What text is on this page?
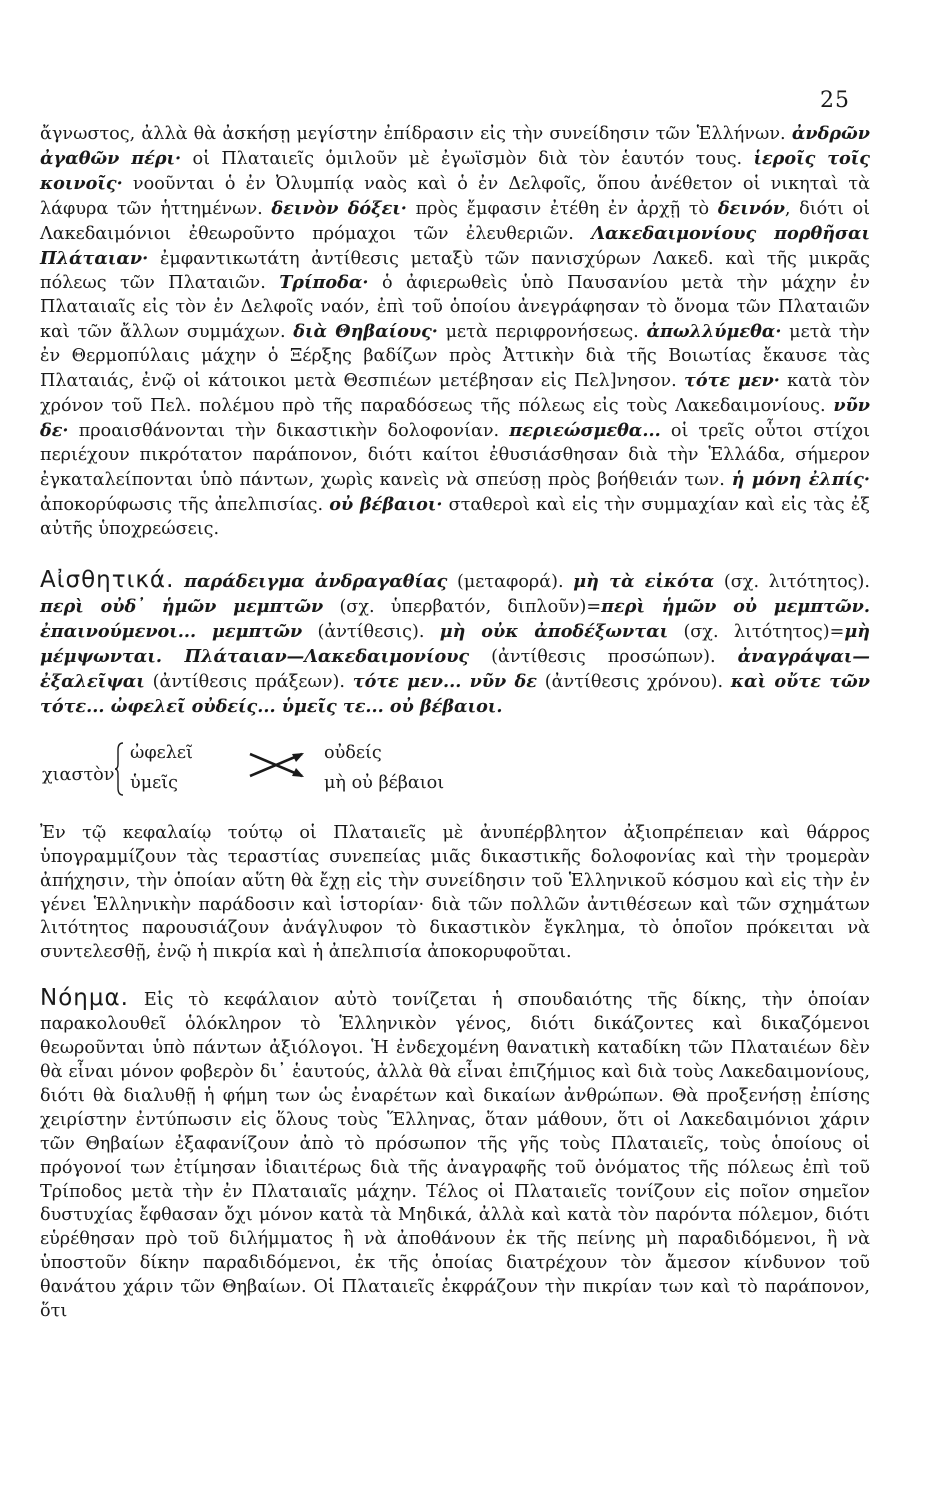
25

ἄγνωστος, ἀλλὰ θὰ ἀσκήσῃ μεγίστην ἐπίδρασιν εἰς τὴν συνείδησιν τῶν Ἑλλήνων. ἀνδρῶν ἀγαθῶν πέρι· οἱ Πλαταιεῖς ὁμιλοῦν μὲ ἐγωϊσμὸν διὰ τὸν ἑαυτόν τους. ἱεροῖς τοῖς κοινοῖς· νοοῦνται ὁ ἐν Ὀλυμπίᾳ ναὸς καὶ ὁ ἐν Δελφοῖς, ὅπου ἀνέθετον οἱ νικηταὶ τὰ λάφυρα τῶν ἡττημένων. δεινὸν δόξει· πρὸς ἔμφασιν ἐτέθη ἐν ἀρχῇ τὸ δεινόν, διότι οἱ Λακεδαιμόνιοι ἐθεωροῦντο πρόμαχοι τῶν ἐλευθεριῶν. Λακεδαιμονίους πορθῆσαι Πλάταιαν· ἐμφαντικωτάτη ἀντίθεσις μεταξὺ τῶν πανισχύρων Λακεδ. καὶ τῆς μικρᾶς πόλεως τῶν Πλαταιῶν. Τρίποδα· ὁ ἀφιερωθεὶς ὑπὸ Παυσανίου μετὰ τὴν μάχην ἐν Πλαταιαῖς εἰς τὸν ἐν Δελφοῖς ναόν, ἐπὶ τοῦ ὁποίου ἀνεγράφησαν τὸ ὄνομα τῶν Πλαταιῶν καὶ τῶν ἄλλων συμμάχων. διὰ Θηβαίους· μετὰ περιφρονήσεως. ἀπωλλύμεθα· μετὰ τὴν ἐν Θερμοπύλαις μάχην ὁ Ξέρξης βαδίζων πρὸς Ἀττικὴν διὰ τῆς Βοιωτίας ἔκαυσε τὰς Πλαταιάς, ἐνῷ οἱ κάτοικοι μετὰ Θεσπιέων μετέβησαν εἰς Πελ]νησον. τότε μεν· κατὰ τὸν χρόνον τοῦ Πελ. πολέμου πρὸ τῆς παραδόσεως τῆς πόλεως εἰς τοὺς Λακεδαιμονίους. νῦν δε· προαισθάνονται τὴν δικαστικὴν δολοφονίαν. περιεώσμεθα... οἱ τρεῖς οὗτοι στίχοι περιέχουν πικρότατον παράπονον, διότι καίτοι ἐθυσιάσθησαν διὰ τὴν Ἑλλάδα, σήμερον ἐγκαταλείπονται ὑπὸ πάντων, χωρὶς κανεὶς νὰ σπεύσῃ πρὸς βοήθειάν των. ἡ μόνη ἐλπίς· ἀποκορύφωσις τῆς ἀπελπισίας. οὐ βέβαιοι· σταθεροὶ καὶ εἰς τὴν συμμαχίαν καὶ εἰς τὰς ἐξ αὐτῆς ὑποχρεώσεις.

Αἰσθητικά. παράδειγμα ἀνδραγαθίας (μεταφορά). μὴ τὰ εἰκότα (σχ. λιτότητος). περὶ οὐδ᾽ ἡμῶν μεμπτῶν (σχ. ὑπερβατόν, διπλοῦν)=περὶ ἡμῶν οὐ μεμπτῶν. ἐπαινούμενοι... μεμπτῶν (ἀντίθεσις). μὴ οὐκ ἀποδέξωνται (σχ. λιτότητος)=μὴ μέμψωνται. Πλάταιαν—Λακεδαιμονίους (ἀντίθεσις προσώπων). ἀναγράψαι—ἐξαλεῖψαι (ἀντίθεσις πράξεων). τότε μεν... νῦν δε (ἀντίθεσις χρόνου). καὶ οὔτε τῶν τότε... ὠφελεῖ οὐδείς... ὑμεῖς τε... οὐ βέβαιοι.

χιαστὸν
ὠφελεῖ
ὑμεῖς
οὐδείς
μὴ οὐ βέβαιοι

Ἐν τῷ κεφαλαίῳ τούτῳ οἱ Πλαταιεῖς μὲ ἀνυπέρβλητον ἀξιοπρέπειαν καὶ θάρρος ὑπογραμμίζουν τὰς τεραστίας συνεπείας μιᾶς δικαστικῆς δολοφονίας καὶ τὴν τρομερὰν ἀπήχησιν, τὴν ὁποίαν αὕτη θὰ ἔχῃ εἰς τὴν συνείδησιν τοῦ Ἑλληνικοῦ κόσμου καὶ εἰς τὴν ἐν γένει Ἑλληνικὴν παράδοσιν καὶ ἱστορίαν· διὰ τῶν πολλῶν ἀντιθέσεων καὶ τῶν σχημάτων λιτότητος παρουσιάζουν ἀνάγλυφον τὸ δικαστικὸν ἔγκλημα, τὸ ὁποῖον πρόκειται νὰ συντελεσθῇ, ἐνῷ ἡ πικρία καὶ ἡ ἀπελπισία ἀποκορυφοῦται.

Νόημα. Εἰς τὸ κεφάλαιον αὐτὸ τονίζεται ἡ σπουδαιότης τῆς δίκης, τὴν ὁποίαν παρακολουθεῖ ὁλόκληρον τὸ Ἑλληνικὸν γένος, διότι δικάζοντες καὶ δικαζόμενοι θεωροῦνται ὑπὸ πάντων ἀξιόλογοι. Ἡ ἐνδεχομένη θανατικὴ καταδίκη τῶν Πλαταιέων δὲν θὰ εἶναι μόνον φοβερὸν δι᾽ ἑαυτούς, ἀλλὰ θὰ εἶναι ἐπιζήμιος καὶ διὰ τοὺς Λακεδαιμονίους, διότι θὰ διαλυθῇ ἡ φήμη των ὡς ἐναρέτων καὶ δικαίων ἀνθρώπων. Θὰ προξενήσῃ ἐπίσης χειρίστην ἐντύπωσιν εἰς ὅλους τοὺς Ἕλληνας, ὅταν μάθουν, ὅτι οἱ Λακεδαιμόνιοι χάριν τῶν Θηβαίων ἐξαφανίζουν ἀπὸ τὸ πρόσωπον τῆς γῆς τοὺς Πλαταιεῖς, τοὺς ὁποίους οἱ πρόγονοί των ἐτίμησαν ἰδιαιτέρως διὰ τῆς ἀναγραφῆς τοῦ ὀνόματος τῆς πόλεως ἐπὶ τοῦ Τρίποδος μετὰ τὴν ἐν Πλαταιαῖς μάχην. Τέλος οἱ Πλαταιεῖς τονίζουν εἰς ποῖον σημεῖον δυστυχίας ἔφθασαν ὄχι μόνον κατὰ τὰ Μηδικά, ἀλλὰ καὶ κατὰ τὸν παρόντα πόλεμον, διότι εὑρέθησαν πρὸ τοῦ διλήμματος ἢ νὰ ἀποθάνουν ἐκ τῆς πείνης μὴ παραδιδόμενοι, ἢ νὰ ὑποστοῦν δίκην παραδιδόμενοι, ἐκ τῆς ὁποίας διατρέχουν τὸν ἄμεσον κίνδυνον τοῦ θανάτου χάριν τῶν Θηβαίων. Οἱ Πλαταιεῖς ἐκφράζουν τὴν πικρίαν των καὶ τὸ παράπονον, ὅτι
